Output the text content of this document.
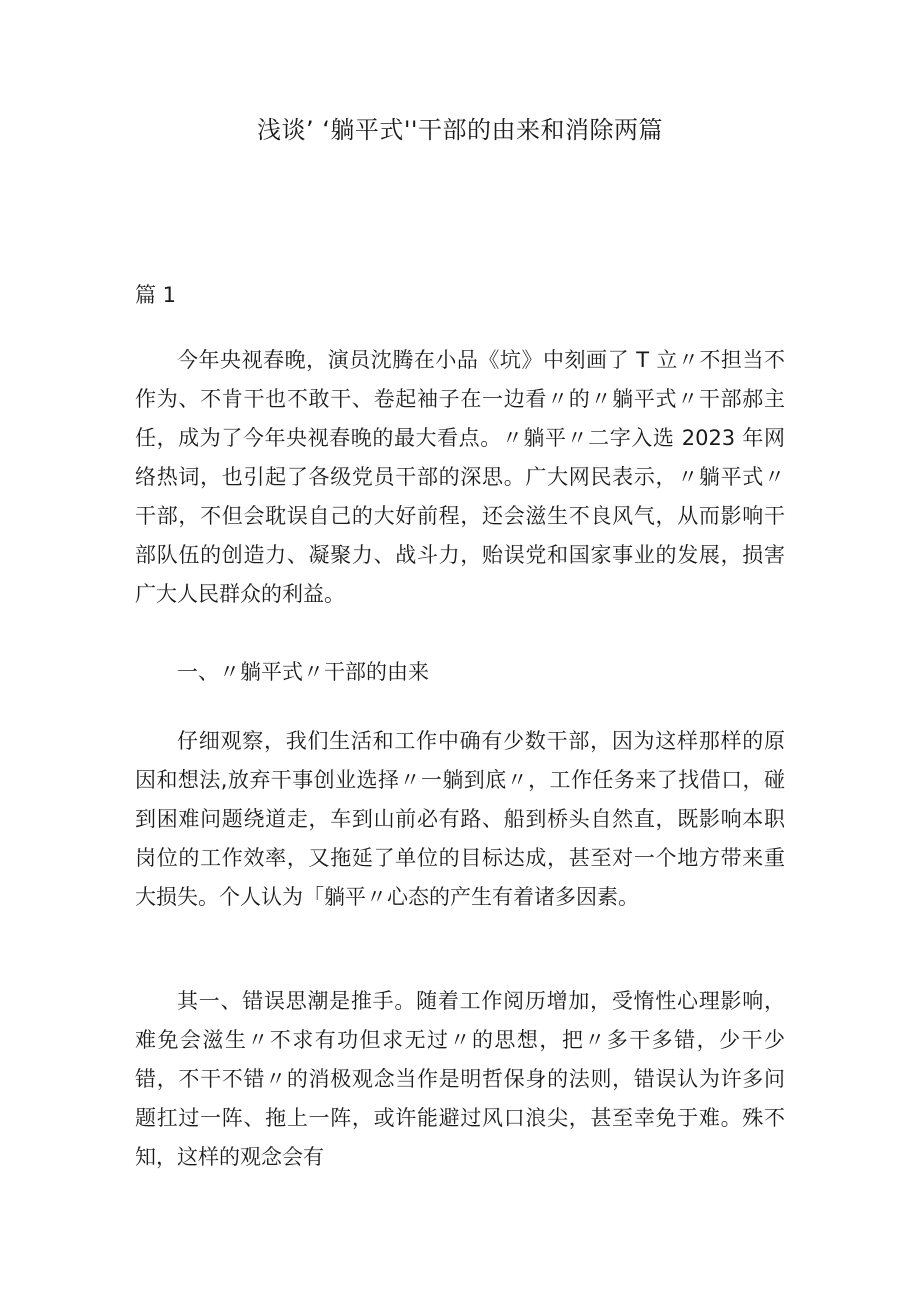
浅谈’ ‘躺平式''干部的由来和消除两篇
篇 1

今年央视春晚，演员沈腾在小品《坑》中刻画了 T 立〃不担当不作为、不肯干也不敢干、卷起袖子在一边看〃的〃躺平式〃干部郝主任，成为了今年央视春晚的最大看点。〃躺平〃二字入选 2023 年网络热词，也引起了各级党员干部的深思。广大网民表示，〃躺平式〃干部，不但会耽误自己的大好前程，还会滋生不良风气，从而影响干部队伍的创造力、凝聚力、战斗力，贻误党和国家事业的发展，损害广大人民群众的利益。

一、〃躺平式〃干部的由来

仔细观察，我们生活和工作中确有少数干部，因为这样那样的原因和想法,放弃干事创业选择〃一躺到底〃，工作任务来了找借口，碰到困难问题绕道走，车到山前必有路、船到桥头自然直，既影响本职岗位的工作效率，又拖延了单位的目标达成，甚至对一个地方带来重大损失。个人认为「躺平〃心态的产生有着诸多因素。

其一、错误思潮是推手。随着工作阅历增加，受惰性心理影响，难免会滋生〃不求有功但求无过〃的思想，把〃多干多错，少干少错，不干不错〃的消极观念当作是明哲保身的法则，错误认为许多问题扛过一阵、拖上一阵，或许能避过风口浪尖，甚至幸免于难。殊不知，这样的观念会有
